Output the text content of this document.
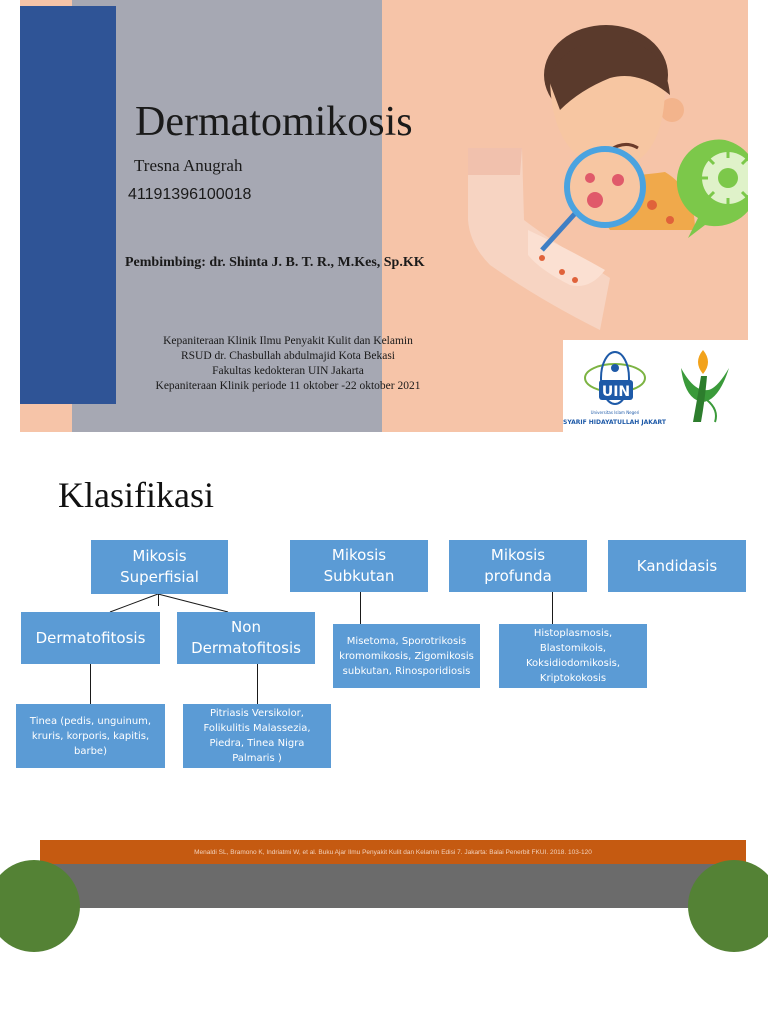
Dermatomikosis
Tresna Anugrah
41191396100018
Pembimbing: dr. Shinta J. B. T. R., M.Kes, Sp.KK
Kepaniteraan Klinik Ilmu Penyakit Kulit dan Kelamin
RSUD dr. Chasbullah abdulmajid Kota Bekasi
Fakultas kedokteran UIN Jakarta
Kepaniteraan Klinik periode 11 oktober -22 oktober 2021	UIN
Universitas Islam Negeri
SYARIF HIDAYATULLAH JAKART
Klasifikasi
Mikosis Superfisial
Mikosis Subkutan
Mikosis profunda
Kandidasis
Dermatofitosis
Non Dermatofitosis
Tinea (pedis, unguinum, kruris, korporis, kapitis, barbe)
Pitriasis Versikolor, Folikulitis Malassezia, Piedra, Tinea Nigra Palmaris )
Misetoma, Sporotrikosis kromomikosis, Zigomikosis subkutan, Rinosporidiosis
Histoplasmosis, Blastomikois, Koksidiodomikosis, Kriptokokosis
Menaldi SL, Bramono K, Indriatmi W, et al. Buku Ajar Ilmu Penyakit Kulit dan Kelamin Edisi 7. Jakarta: Balai Penerbit FKUI. 2018. 103-120
